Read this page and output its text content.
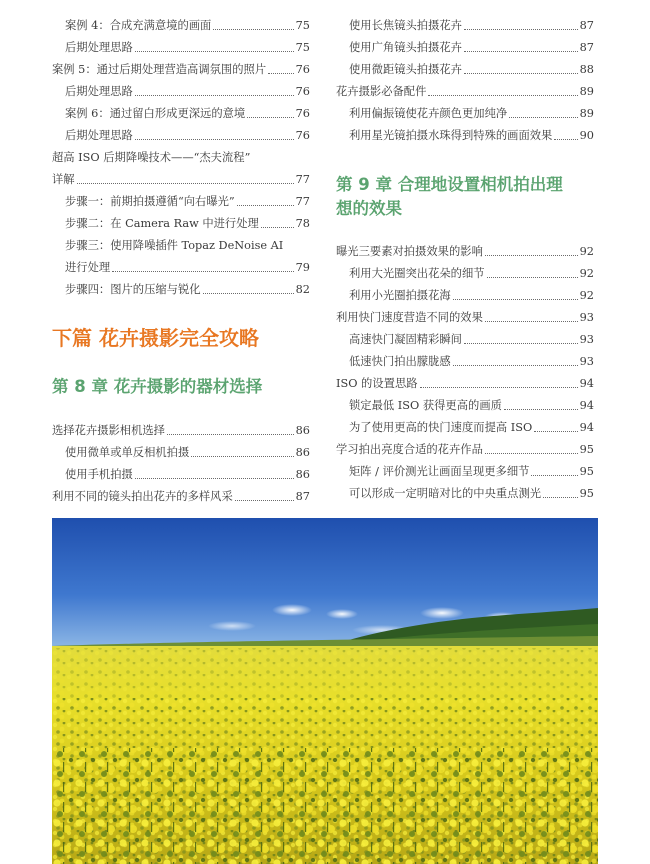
案例 4：合成充满意境的画面	75
后期处理思路	75
案例 5：通过后期处理营造高调氛围的照片	76
后期处理思路	76
案例 6：通过留白形成更深远的意境	76
后期处理思路	76
超高 ISO 后期降噪技术——“杰夫流程”
详解	77
步骤一：前期拍摄遵循“向右曝光”	77
步骤二：在 Camera Raw 中进行处理	78
步骤三：使用降噪插件 Topaz DeNoise AI
进行处理	79
步骤四：图片的压缩与锐化	82
下篇 花卉摄影完全攻略
第 8 章 花卉摄影的器材选择
选择花卉摄影相机选择	86
使用微单或单反相机拍摄	86
使用手机拍摄	86
利用不同的镜头拍出花卉的多样风采	87
使用长焦镜头拍摄花卉	87
使用广角镜头拍摄花卉	87
使用微距镜头拍摄花卉	88
花卉摄影必备配件	89
利用偏振镜使花卉颜色更加纯净	89
利用星光镜拍摄水珠得到特殊的画面效果 90
第 9 章 合理地设置相机拍出理
想的效果
曝光三要素对拍摄效果的影响	92
利用大光圈突出花朵的细节	92
利用小光圈拍摄花海	92
利用快门速度营造不同的效果	93
高速快门凝固精彩瞬间	93
低速快门拍出朦胧感	93
ISO 的设置思路	94
锁定最低 ISO 获得更高的画质	94
为了使用更高的快门速度而提高 ISO	94
学习拍出亮度合适的花卉作品	95
矩阵 / 评价测光让画面呈现更多细节	95
可以形成一定明暗对比的中央重点测光	95
